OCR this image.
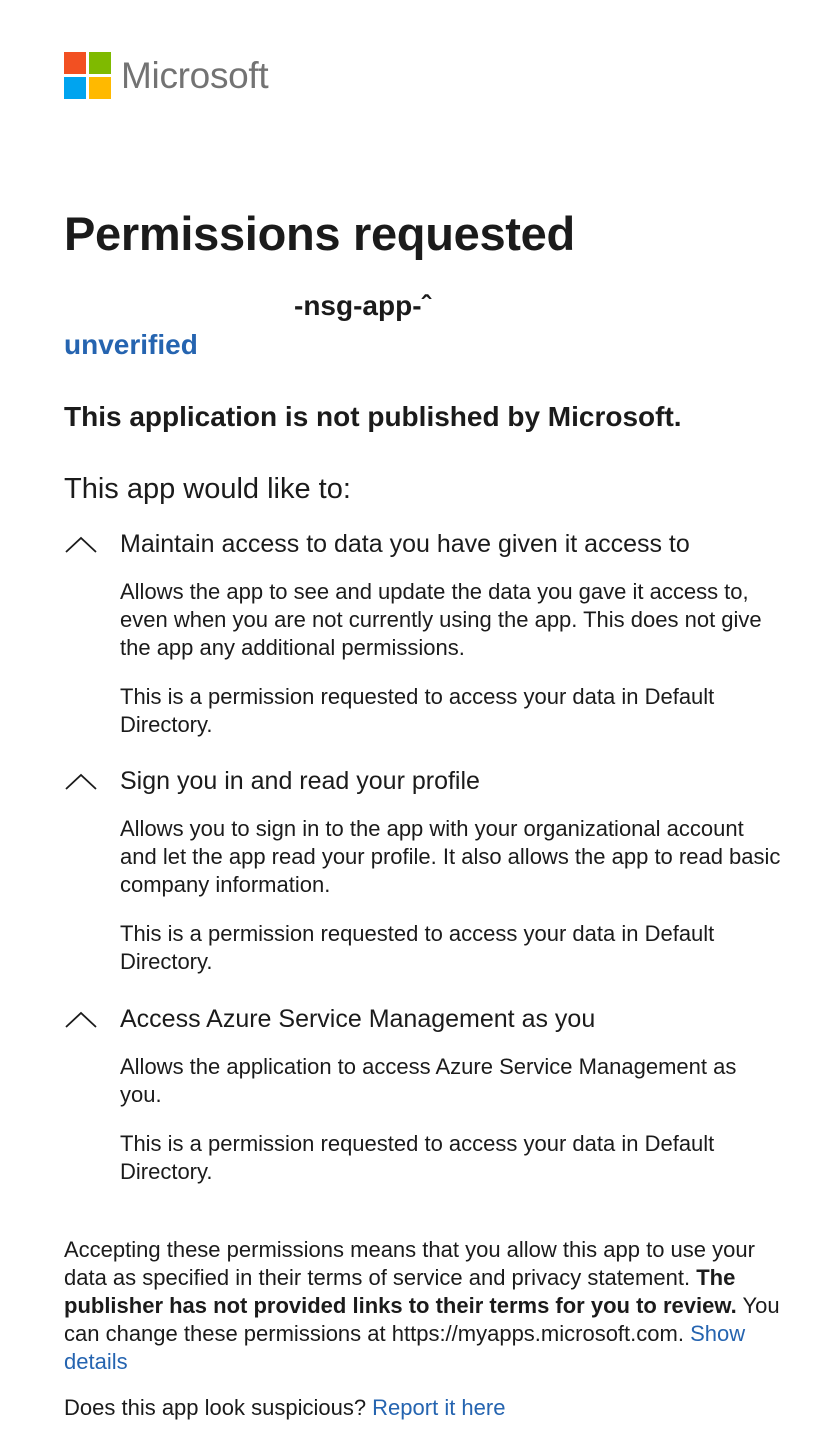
Microsoft
Permissions requested
-nsg-app-ˆ
unverified
This application is not published by Microsoft.
This app would like to:
Maintain access to data you have given it access to

Allows the app to see and update the data you gave it access to, even when you are not currently using the app. This does not give the app any additional permissions.

This is a permission requested to access your data in Default Directory.

Sign you in and read your profile

Allows you to sign in to the app with your organizational account and let the app read your profile. It also allows the app to read basic company information.

This is a permission requested to access your data in Default Directory.

Access Azure Service Management as you

Allows the application to access Azure Service Management as you.

This is a permission requested to access your data in Default Directory.

Accepting these permissions means that you allow this app to use your data as specified in their terms of service and privacy statement. The publisher has not provided links to their terms for you to review. You can change these permissions at https://myapps.microsoft.com. Show details
Does this app look suspicious? Report it here
